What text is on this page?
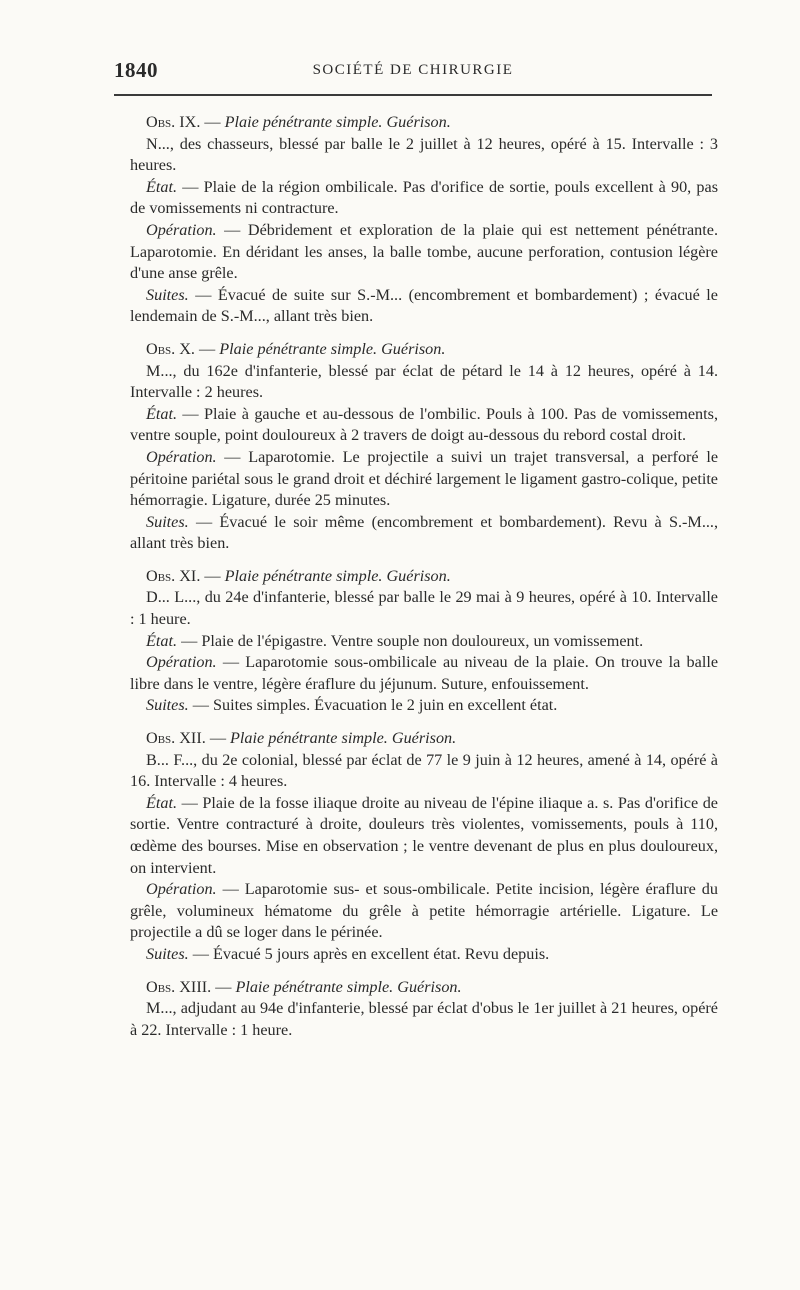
1840	SOCIÉTÉ DE CHIRURGIE

Obs. IX. — Plaie pénétrante simple. Guérison.

N..., des chasseurs, blessé par balle le 2 juillet à 12 heures, opéré à 15. Intervalle : 3 heures.

État. — Plaie de la région ombilicale. Pas d'orifice de sortie, pouls excellent à 90, pas de vomissements ni contracture.

Opération. — Débridement et exploration de la plaie qui est nettement pénétrante. Laparotomie. En déridant les anses, la balle tombe, aucune perforation, contusion légère d'une anse grêle.

Suites. — Évacué de suite sur S.-M... (encombrement et bombardement) ; évacué le lendemain de S.-M..., allant très bien.

Obs. X. — Plaie pénétrante simple. Guérison.

M..., du 162e d'infanterie, blessé par éclat de pétard le 14 à 12 heures, opéré à 14. Intervalle : 2 heures.

État. — Plaie à gauche et au-dessous de l'ombilic. Pouls à 100. Pas de vomissements, ventre souple, point douloureux à 2 travers de doigt au-dessous du rebord costal droit.

Opération. — Laparotomie. Le projectile a suivi un trajet transversal, a perforé le péritoine pariétal sous le grand droit et déchiré largement le ligament gastro-colique, petite hémorragie. Ligature, durée 25 minutes.

Suites. — Évacué le soir même (encombrement et bombardement). Revu à S.-M..., allant très bien.

Obs. XI. — Plaie pénétrante simple. Guérison.

D... L..., du 24e d'infanterie, blessé par balle le 29 mai à 9 heures, opéré à 10. Intervalle : 1 heure.

État. — Plaie de l'épigastre. Ventre souple non douloureux, un vomissement.

Opération. — Laparotomie sous-ombilicale au niveau de la plaie. On trouve la balle libre dans le ventre, légère éraflure du jéjunum. Suture, enfouissement.

Suites. — Suites simples. Évacuation le 2 juin en excellent état.

Obs. XII. — Plaie pénétrante simple. Guérison.

B... F..., du 2e colonial, blessé par éclat de 77 le 9 juin à 12 heures, amené à 14, opéré à 16. Intervalle : 4 heures.

État. — Plaie de la fosse iliaque droite au niveau de l'épine iliaque a. s. Pas d'orifice de sortie. Ventre contracturé à droite, douleurs très violentes, vomissements, pouls à 110, œdème des bourses. Mise en observation ; le ventre devenant de plus en plus douloureux, on intervient.

Opération. — Laparotomie sus- et sous-ombilicale. Petite incision, légère éraflure du grêle, volumineux hématome du grêle à petite hémorragie artérielle. Ligature. Le projectile a dû se loger dans le périnée.

Suites. — Évacué 5 jours après en excellent état. Revu depuis.

Obs. XIII. — Plaie pénétrante simple. Guérison.

M..., adjudant au 94e d'infanterie, blessé par éclat d'obus le 1er juillet à 21 heures, opéré à 22. Intervalle : 1 heure.
